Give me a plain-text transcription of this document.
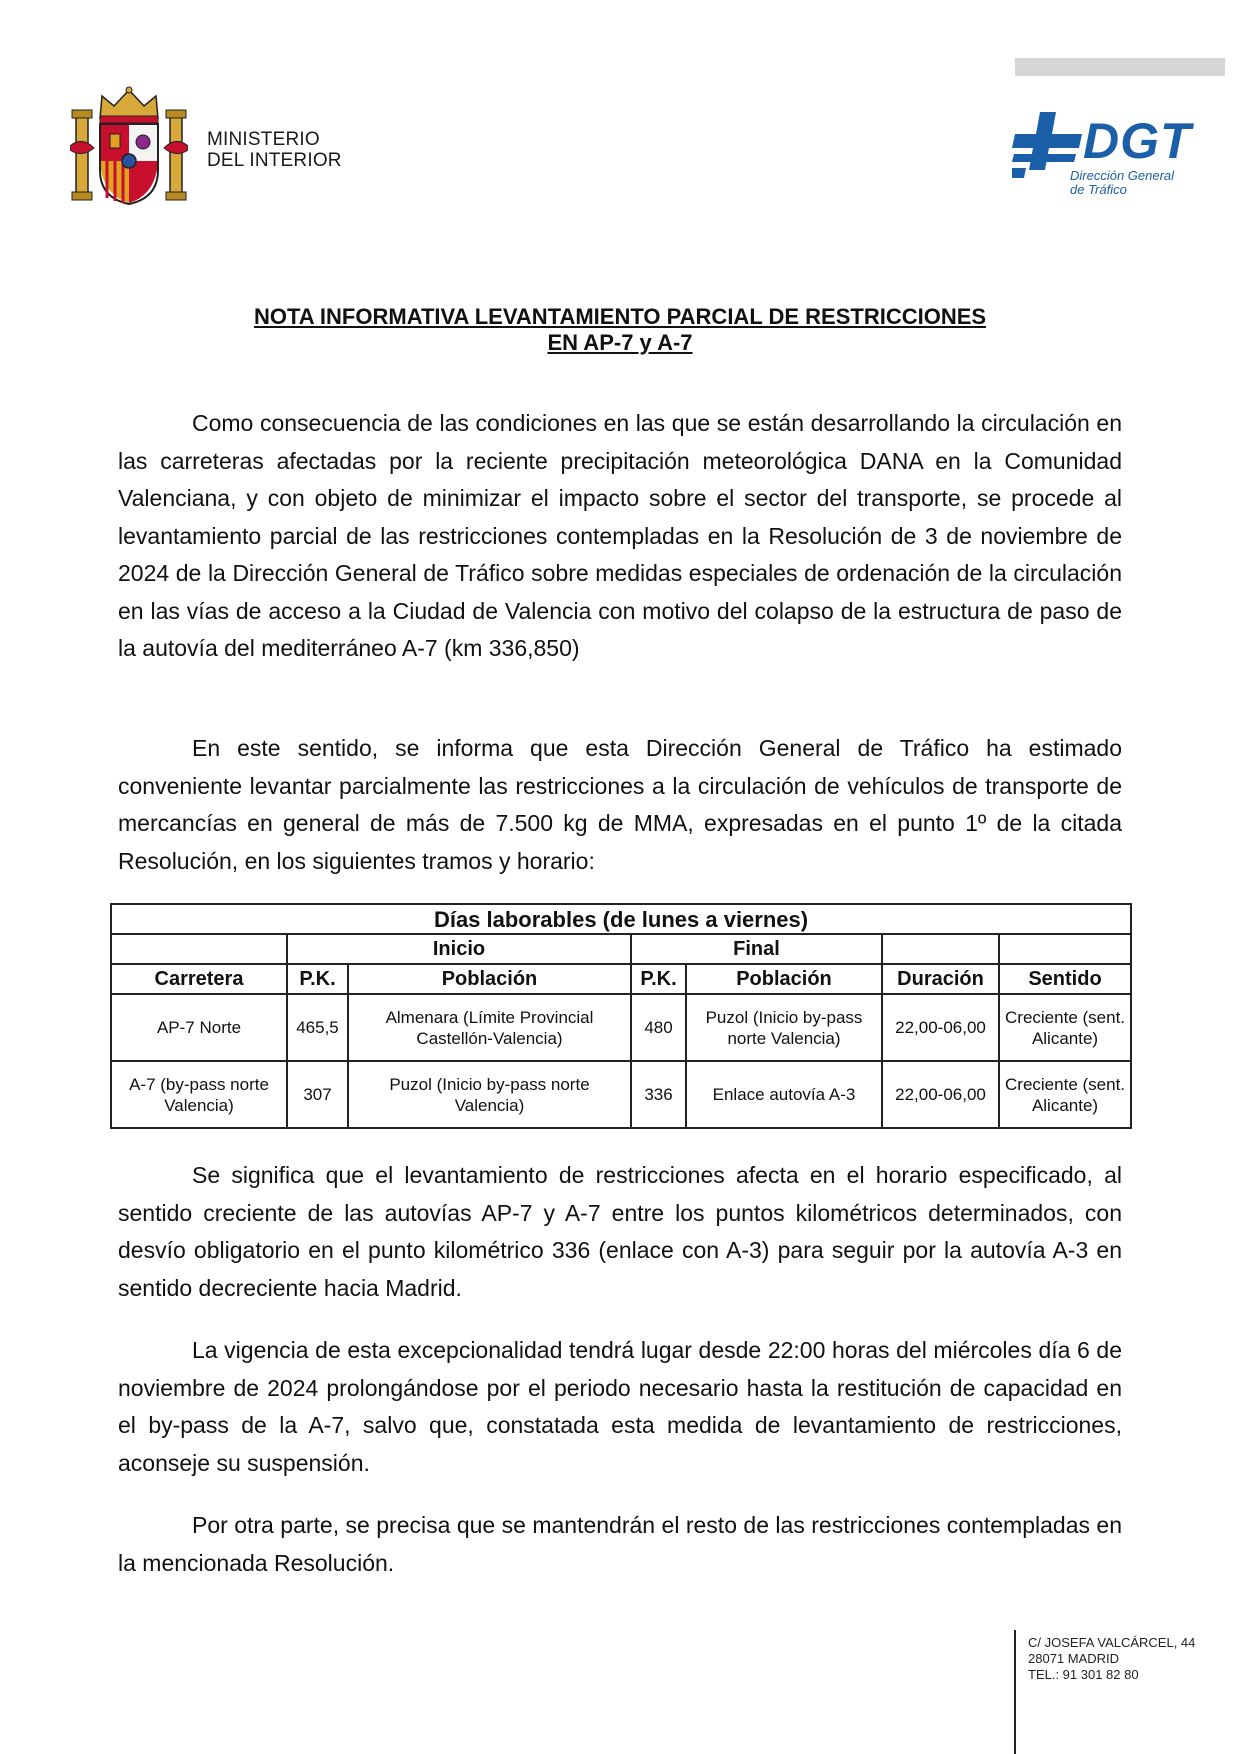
MINISTERIO
DEL INTERIOR	DGT
Dirección General
de Tráfico
NOTA INFORMATIVA LEVANTAMIENTO PARCIAL DE RESTRICCIONES
EN AP-7 y A-7

Como consecuencia de las condiciones en las que se están desarrollando la circulación en las carreteras afectadas por la reciente precipitación meteorológica DANA en la Comunidad Valenciana, y con objeto de minimizar el impacto sobre el sector del transporte, se procede al levantamiento parcial de las restricciones contempladas en la Resolución de 3 de noviembre de 2024 de la Dirección General de Tráfico sobre medidas especiales de ordenación de la circulación en las vías de acceso a la Ciudad de Valencia con motivo del colapso de la estructura de paso de la autovía del mediterráneo A-7 (km 336,850)

En este sentido, se informa que esta Dirección General de Tráfico ha estimado conveniente levantar parcialmente las restricciones a la circulación de vehículos de transporte de mercancías en general de más de 7.500 kg de MMA, expresadas en el punto 1º de la citada Resolución, en los siguientes tramos y horario:

Días laborables (de lunes a viernes)						
	Inicio		Final			
Carretera	P.K.	Población	P.K.	Población	Duración	Sentido
AP-7 Norte	465,5	Almenara (Límite Provincial Castellón-Valencia)	480	Puzol (Inicio by-pass norte Valencia)	22,00-06,00	Creciente (sent. Alicante)
A-7 (by-pass norte Valencia)	307	Puzol (Inicio by-pass norte Valencia)	336	Enlace autovía A-3	22,00-06,00	Creciente (sent. Alicante)

Se significa que el levantamiento de restricciones afecta en el horario especificado, al sentido creciente de las autovías AP-7 y A-7 entre los puntos kilométricos determinados, con desvío obligatorio en el punto kilométrico 336 (enlace con A-3) para seguir por la autovía A-3 en sentido decreciente hacia Madrid.

La vigencia de esta excepcionalidad tendrá lugar desde 22:00 horas del miércoles día 6 de noviembre de 2024 prolongándose por el periodo necesario hasta la restitución de capacidad en el by-pass de la A-7, salvo que, constatada esta medida de levantamiento de restricciones, aconseje su suspensión.

Por otra parte, se precisa que se mantendrán el resto de las restricciones contempladas en la mencionada Resolución.

C/ JOSEFA VALCÁRCEL, 44
28071 MADRID
TEL.: 91 301 82 80
